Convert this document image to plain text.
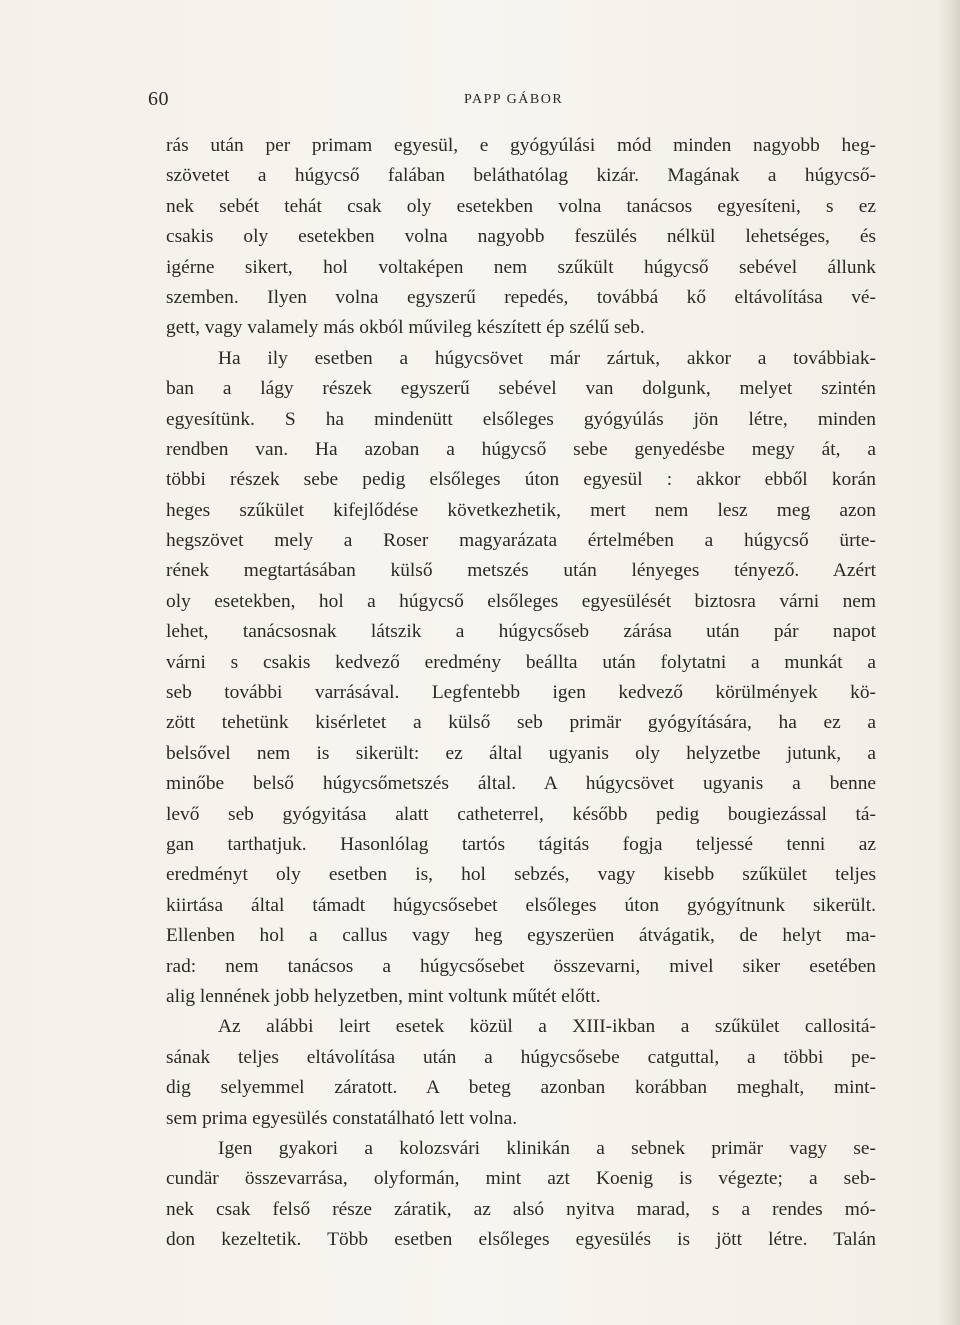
60	PAPP GÁBOR
rás után per primam egyesül, e gyógyúlási mód minden nagyobb heg-
szövetet a húgycső falában beláthatólag kizár. Magának a húgycső-
nek sebét tehát csak oly esetekben volna tanácsos egyesíteni, s ez
csakis oly esetekben volna nagyobb feszülés nélkül lehetséges, és
igérne sikert, hol voltaképen nem szűkült húgycső sebével állunk
szemben. Ilyen volna egyszerű repedés, továbbá kő eltávolítása vé-
gett, vagy valamely más okból művileg készített ép szélű seb.
Ha ily esetben a húgycsövet már zártuk, akkor a továbbiak-
ban a lágy részek egyszerű sebével van dolgunk, melyet szintén
egyesítünk. S ha mindenütt elsőleges gyógyúlás jön létre, minden
rendben van. Ha azoban a húgycső sebe genyedésbe megy át, a
többi részek sebe pedig elsőleges úton egyesül : akkor ebből korán
heges szűkület kifejlődése következhetik, mert nem lesz meg azon
hegszövet mely a Roser magyarázata értelmében a húgycső ürte-
rének megtartásában külső metszés után lényeges tényező. Azért
oly esetekben, hol a húgycső elsőleges egyesülését biztosra várni nem
lehet, tanácsosnak látszik a húgycsőseb zárása után pár napot
várni s csakis kedvező eredmény beállta után folytatni a munkát a
seb további varrásával. Legfentebb igen kedvező körülmények kö-
zött tehetünk kisérletet a külső seb primär gyógyítására, ha ez a
belsővel nem is sikerült: ez által ugyanis oly helyzetbe jutunk, a
minőbe belső húgycsőmetszés által. A húgycsövet ugyanis a benne
levő seb gyógyitása alatt catheterrel, később pedig bougiezással tá-
gan tarthatjuk. Hasonlólag tartós tágitás fogja teljessé tenni az
eredményt oly esetben is, hol sebzés, vagy kisebb szűkület teljes
kiirtása által támadt húgycsősebet elsőleges úton gyógyítnunk sikerült.
Ellenben hol a callus vagy heg egyszerüen átvágatik, de helyt ma-
rad: nem tanácsos a húgycsősebet összevarni, mivel siker esetében
alig lennének jobb helyzetben, mint voltunk műtét előtt.
Az alábbi leirt esetek közül a XIII-ikban a szűkület callositá-
sának teljes eltávolítása után a húgycsősebe catguttal, a többi pe-
dig selyemmel záratott. A beteg azonban korábban meghalt, mint-
sem prima egyesülés constatálható lett volna.
Igen gyakori a kolozsvári klinikán a sebnek primär vagy se-
cundär összevarrása, olyformán, mint azt Koenig is végezte; a seb-
nek csak felső része záratik, az alsó nyitva marad, s a rendes mó-
don kezeltetik. Több esetben elsőleges egyesülés is jött létre. Talán
